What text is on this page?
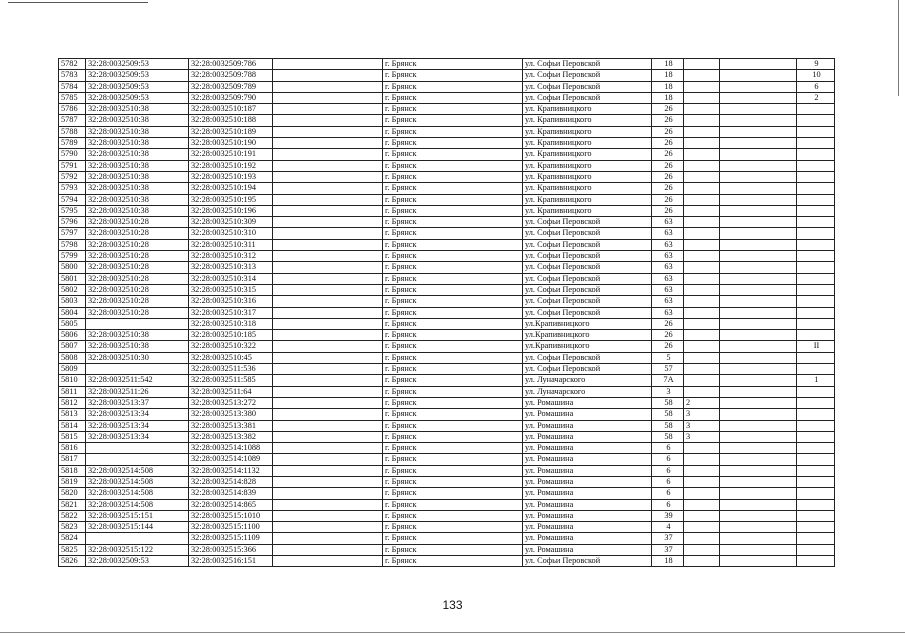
5782	32:28:0032509:53	32:28:0032509:786		г. Брянск	ул. Софьи Перовской	18			9
5783	32:28:0032509:53	32:28:0032509:788		г. Брянск	ул. Софьи Перовской	18			10
5784	32:28:0032509:53	32:28:0032509:789		г. Брянск	ул. Софьи Перовской	18			6
5785	32:28:0032509:53	32:28:0032509:790		г. Брянск	ул. Софьи Перовской	18			2
5786	32:28:0032510:38	32:28:0032510:187		г. Брянск	ул. Крапивницкого	26			
5787	32:28:0032510:38	32:28:0032510:188		г. Брянск	ул. Крапивницкого	26			
5788	32:28:0032510:38	32:28:0032510:189		г. Брянск	ул. Крапивницкого	26			
5789	32:28:0032510:38	32:28:0032510:190		г. Брянск	ул. Крапивницкого	26			
5790	32:28:0032510:38	32:28:0032510:191		г. Брянск	ул. Крапивницкого	26			
5791	32:28:0032510:38	32:28:0032510:192		г. Брянск	ул. Крапивницкого	26			
5792	32:28:0032510:38	32:28:0032510:193		г. Брянск	ул. Крапивницкого	26			
5793	32:28:0032510:38	32:28:0032510:194		г. Брянск	ул. Крапивницкого	26			
5794	32:28:0032510:38	32:28:0032510:195		г. Брянск	ул. Крапивницкого	26			
5795	32:28:0032510:38	32:28:0032510:196		г. Брянск	ул. Крапивницкого	26			
5796	32:28:0032510:28	32:28:0032510:309		г. Брянск	ул. Софьи Перовской	63			
5797	32:28:0032510:28	32:28:0032510:310		г. Брянск	ул. Софьи Перовской	63			
5798	32:28:0032510:28	32:28:0032510:311		г. Брянск	ул. Софьи Перовской	63			
5799	32:28:0032510:28	32:28:0032510:312		г. Брянск	ул. Софьи Перовской	63			
5800	32:28:0032510:28	32:28:0032510:313		г. Брянск	ул. Софьи Перовской	63			
5801	32:28:0032510:28	32:28:0032510:314		г. Брянск	ул. Софьи Перовской	63			
5802	32:28:0032510:28	32:28:0032510:315		г. Брянск	ул. Софьи Перовской	63			
5803	32:28:0032510:28	32:28:0032510:316		г. Брянск	ул. Софьи Перовской	63			
5804	32:28:0032510:28	32:28:0032510:317		г. Брянск	ул. Софьи Перовской	63			
5805		32:28:0032510:318		г. Брянск	ул.Крапивницкого	26			
5806	32:28:0032510:38	32:28:0032510:185		г. Брянск	ул.Крапивницкого	26			
5807	32:28:0032510:38	32:28:0032510:322		г. Брянск	ул.Крапивницкого	26			II
5808	32:28:0032510:30	32:28:0032510:45		г. Брянск	ул. Софьи Перовской	5			
5809		32:28:0032511:536		г. Брянск	ул. Софьи Перовской	57			
5810	32:28:0032511:542	32:28:0032511:585		г. Брянск	ул. Луначарского	7А			1
5811	32:28:0032511:26	32:28:0032511:64		г. Брянск	ул. Луначарского	3			
5812	32:28:0032513:37	32:28:0032513:272		г. Брянск	ул. Ромашина	58	2		
5813	32:28:0032513:34	32:28:0032513:380		г. Брянск	ул. Ромашина	58	3		
5814	32:28:0032513:34	32:28:0032513:381		г. Брянск	ул. Ромашина	58	3		
5815	32:28:0032513:34	32:28:0032513:382		г. Брянск	ул. Ромашина	58	3		
5816		32:28:0032514:1088		г. Брянск	ул. Ромашина	6			
5817		32:28:0032514:1089		г. Брянск	ул. Ромашина	6			
5818	32:28:0032514:508	32:28:0032514:1132		г. Брянск	ул. Ромашина	6			
5819	32:28:0032514:508	32:28:0032514:828		г. Брянск	ул. Ромашина	6			
5820	32:28:0032514:508	32:28:0032514:839		г. Брянск	ул. Ромашина	6			
5821	32:28:0032514:508	32:28:0032514:865		г. Брянск	ул. Ромашина	6			
5822	32:28:0032515:151	32:28:0032515:1010		г. Брянск	ул. Ромашина	39			
5823	32:28:0032515:144	32:28:0032515:1100		г. Брянск	ул. Ромашина	4			
5824		32:28:0032515:1109		г. Брянск	ул. Ромашина	37			
5825	32:28:0032515:122	32:28:0032515:366		г. Брянск	ул. Ромашина	37			
5826	32:28:0032509:53	32:28:0032516:151		г. Брянск	ул. Софьи Перовской	18			
133
